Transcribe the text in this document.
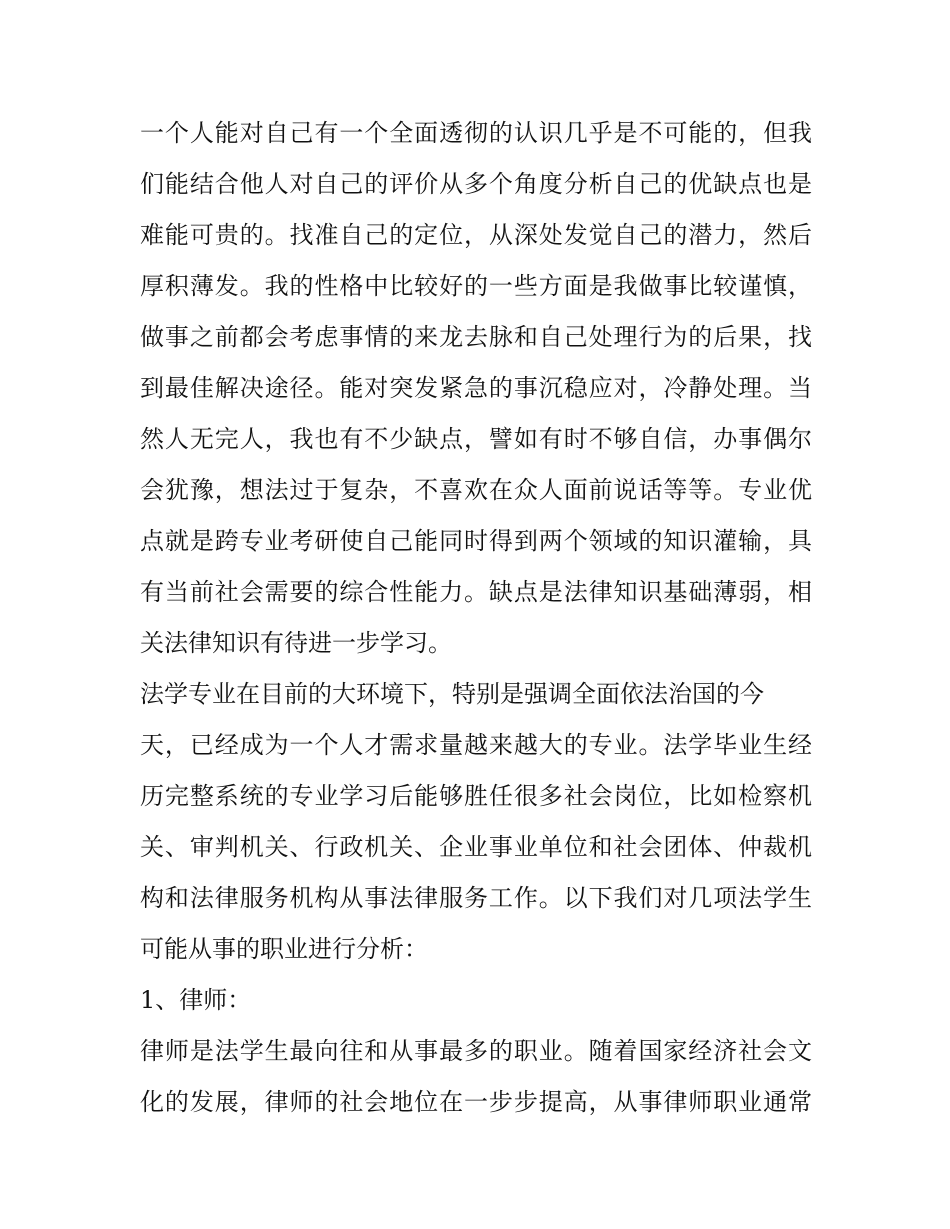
一个人能对自己有一个全面透彻的认识几乎是不可能的，但我
们能结合他人对自己的评价从多个角度分析自己的优缺点也是
难能可贵的。找准自己的定位，从深处发觉自己的潜力，然后
厚积薄发。我的性格中比较好的一些方面是我做事比较谨慎，
做事之前都会考虑事情的来龙去脉和自己处理行为的后果，找
到最佳解决途径。能对突发紧急的事沉稳应对，冷静处理。当
然人无完人，我也有不少缺点，譬如有时不够自信，办事偶尔
会犹豫，想法过于复杂，不喜欢在众人面前说话等等。专业优
点就是跨专业考研使自己能同时得到两个领域的知识灌输，具
有当前社会需要的综合性能力。缺点是法律知识基础薄弱，相
关法律知识有待进一步学习。
法学专业在目前的大环境下，特别是强调全面依法治国的今
天，已经成为一个人才需求量越来越大的专业。法学毕业生经
历完整系统的专业学习后能够胜任很多社会岗位，比如检察机
关、审判机关、行政机关、企业事业单位和社会团体、仲裁机
构和法律服务机构从事法律服务工作。以下我们对几项法学生
可能从事的职业进行分析：
1、律师：
律师是法学生最向往和从事最多的职业。随着国家经济社会文
化的发展，律师的社会地位在一步步提高，从事律师职业通常
